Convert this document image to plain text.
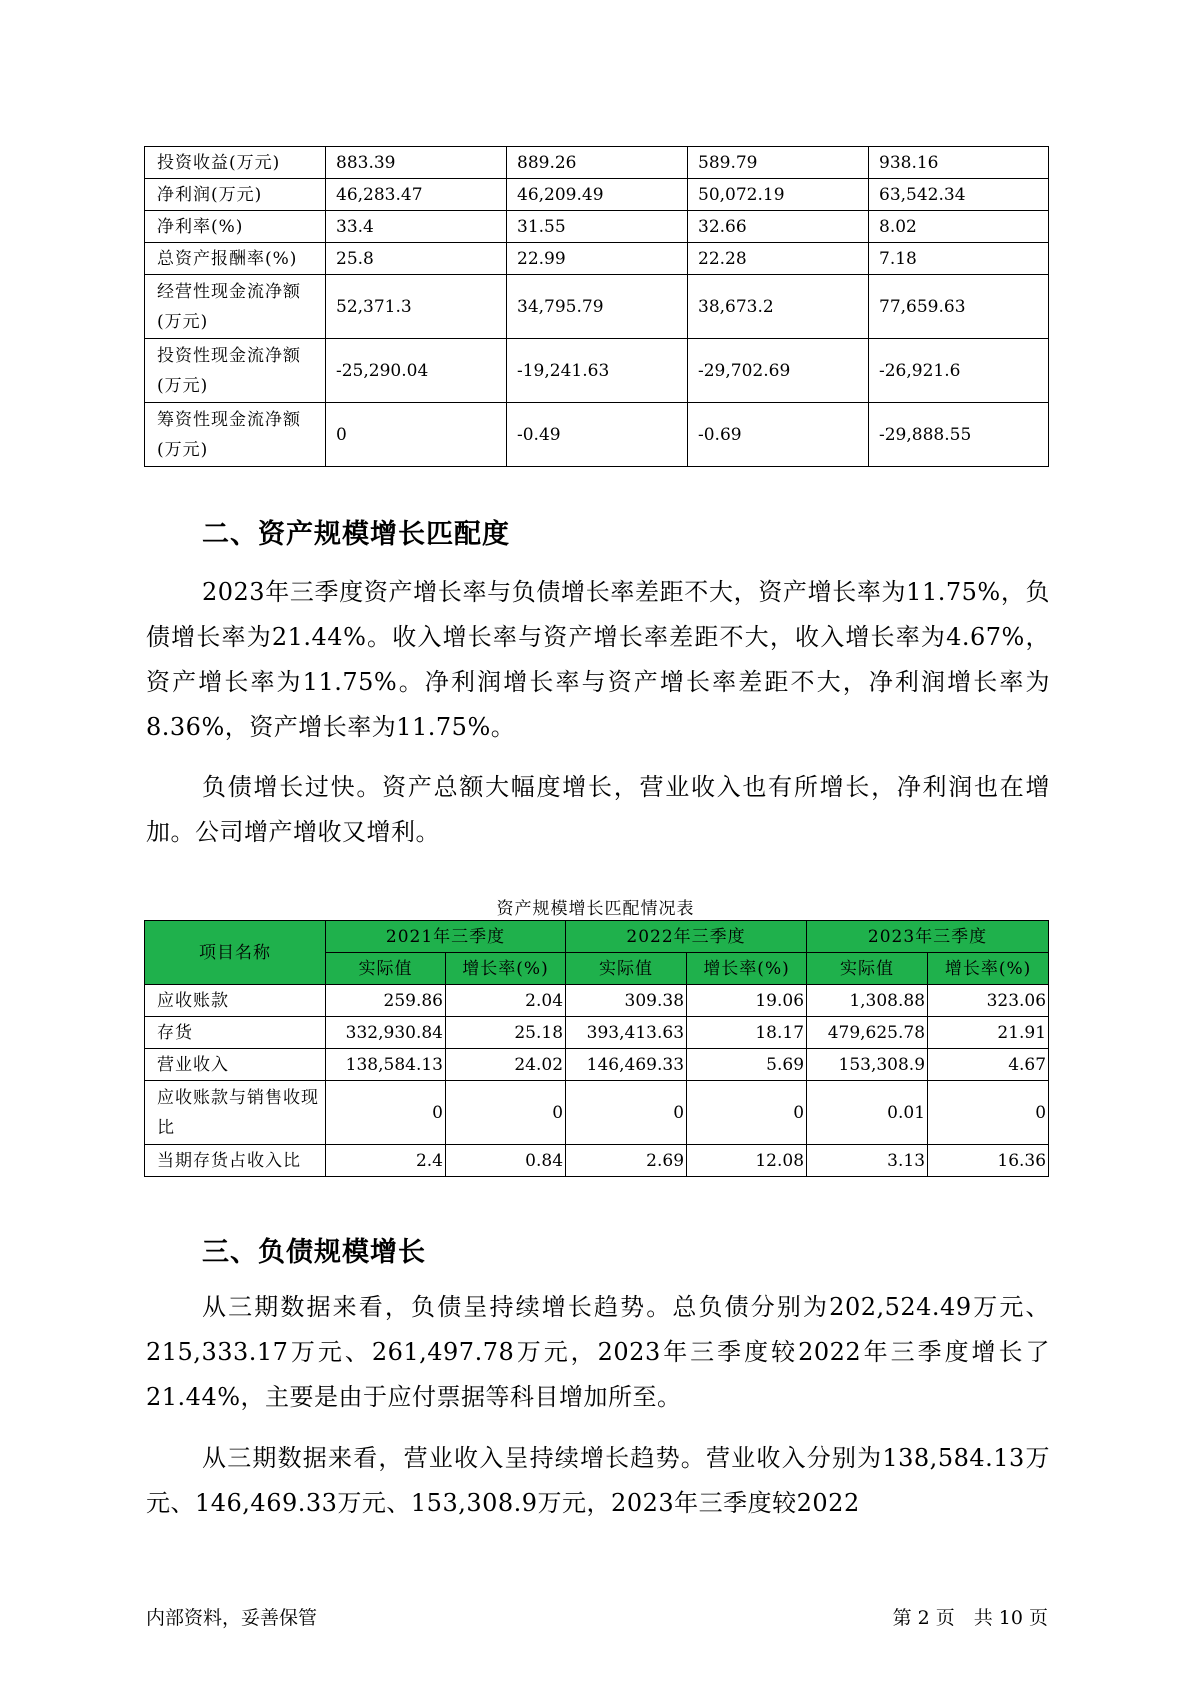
投资收益(万元)	883.39	889.26	589.79	938.16
净利润(万元)	46,283.47	46,209.49	50,072.19	63,542.34
净利率(%)	33.4	31.55	32.66	8.02
总资产报酬率(%)	25.8	22.99	22.28	7.18
经营性现金流净额(万元)	52,371.3	34,795.79	38,673.2	77,659.63
投资性现金流净额(万元)	-25,290.04	-19,241.63	-29,702.69	-26,921.6
筹资性现金流净额(万元)	0	-0.49	-0.69	-29,888.55
二、资产规模增长匹配度

2023年三季度资产增长率与负债增长率差距不大，资产增长率为11.75%，负债增长率为21.44%。收入增长率与资产增长率差距不大，收入增长率为4.67%，资产增长率为11.75%。净利润增长率与资产增长率差距不大，净利润增长率为8.36%，资产增长率为11.75%。

负债增长过快。资产总额大幅度增长，营业收入也有所增长，净利润也在增加。公司增产增收又增利。

资产规模增长匹配情况表
项目名称	2021年三季度		2022年三季度		2023年三季度	
	实际值	增长率(%)	实际值	增长率(%)	实际值	增长率(%)
应收账款	259.86	2.04	309.38	19.06	1,308.88	323.06
存货	332,930.84	25.18	393,413.63	18.17	479,625.78	21.91
营业收入	138,584.13	24.02	146,469.33	5.69	153,308.9	4.67
应收账款与销售收现比	0	0	0	0	0.01	0
当期存货占收入比	2.4	0.84	2.69	12.08	3.13	16.36
三、负债规模增长

从三期数据来看，负债呈持续增长趋势。总负债分别为202,524.49万元、215,333.17万元、261,497.78万元，2023年三季度较2022年三季度增长了21.44%，主要是由于应付票据等科目增加所至。

从三期数据来看，营业收入呈持续增长趋势。营业收入分别为138,584.13万元、146,469.33万元、153,308.9万元，2023年三季度较2022

内部资料，妥善保管	第 2 页　共 10 页
